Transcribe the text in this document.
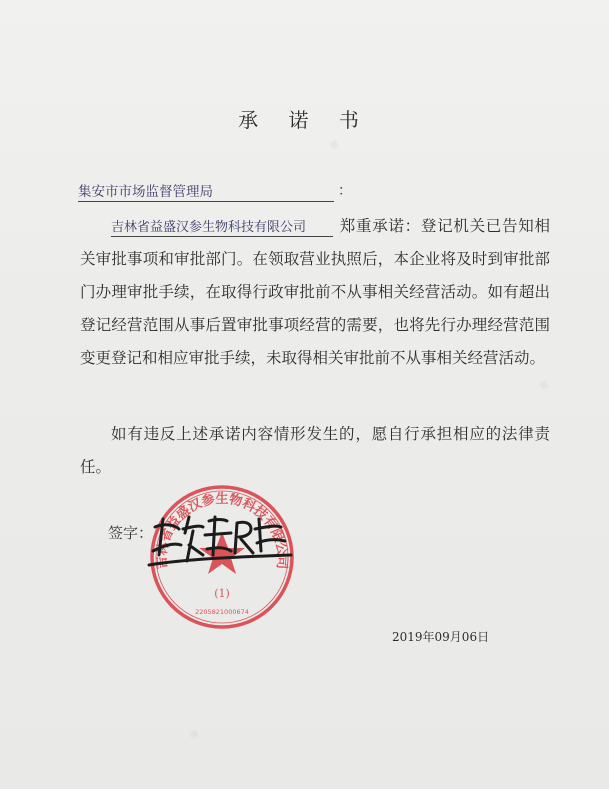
▦
▦
▦
承 诺 书
集安市市场监督管理局	：
吉林省益盛汉参生物科技有限公司 郑重承诺：登记机关已告知相关审批事项和审批部门。在领取营业执照后，本企业将及时到审批部门办理审批手续，在取得行政审批前不从事相关经营活动。如有超出登记经营范围从事后置审批事项经营的需要，也将先行办理经营范围变更登记和相应审批手续，未取得相关审批前不从事相关经营活动。
如有违反上述承诺内容情形发生的，愿自行承担相应的法律责任。
签字：
吉林省益盛汉参生物科技有限公司
(1)
2205821000674
2019年09月06日
